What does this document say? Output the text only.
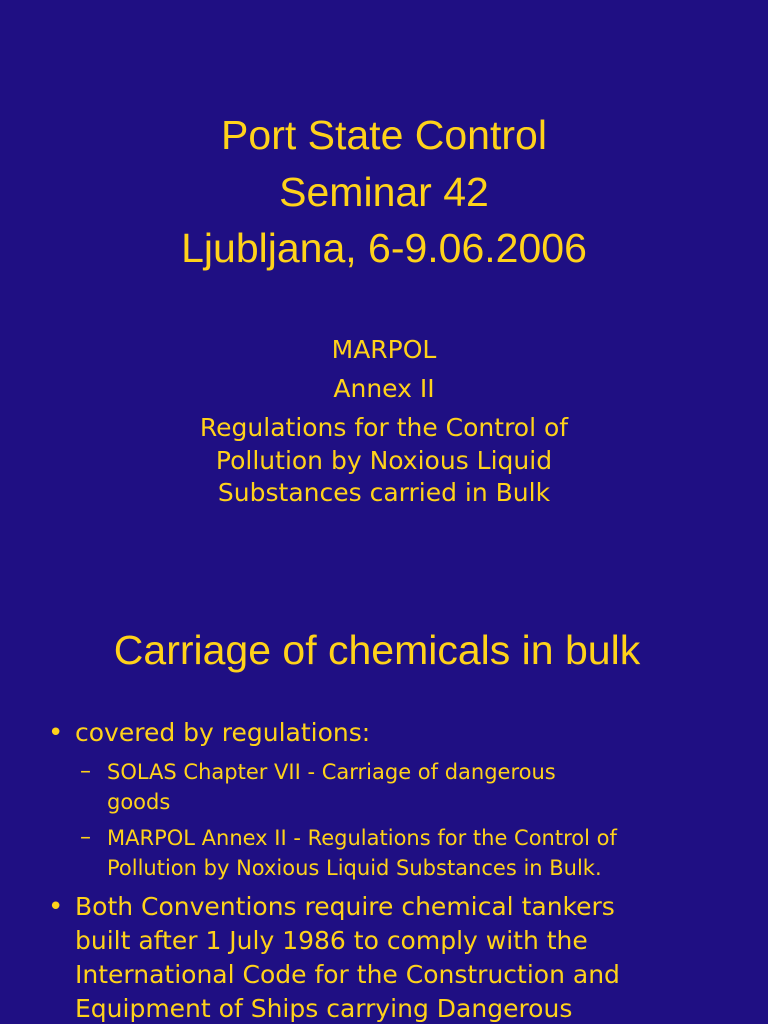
Port State Control
Seminar 42
Ljubljana, 6-9.06.2006
MARPOL
Annex II
Regulations for the Control of
Pollution by Noxious Liquid
Substances carried in Bulk
Carriage of chemicals in bulk
• covered by regulations:
– SOLAS Chapter VII - Carriage of dangerous
goods
– MARPOL Annex II - Regulations for the Control of
Pollution by Noxious Liquid Substances in Bulk.
• Both Conventions require chemical tankers
built after 1 July 1986 to comply with the
International Code for the Construction and
Equipment of Ships carrying Dangerous
